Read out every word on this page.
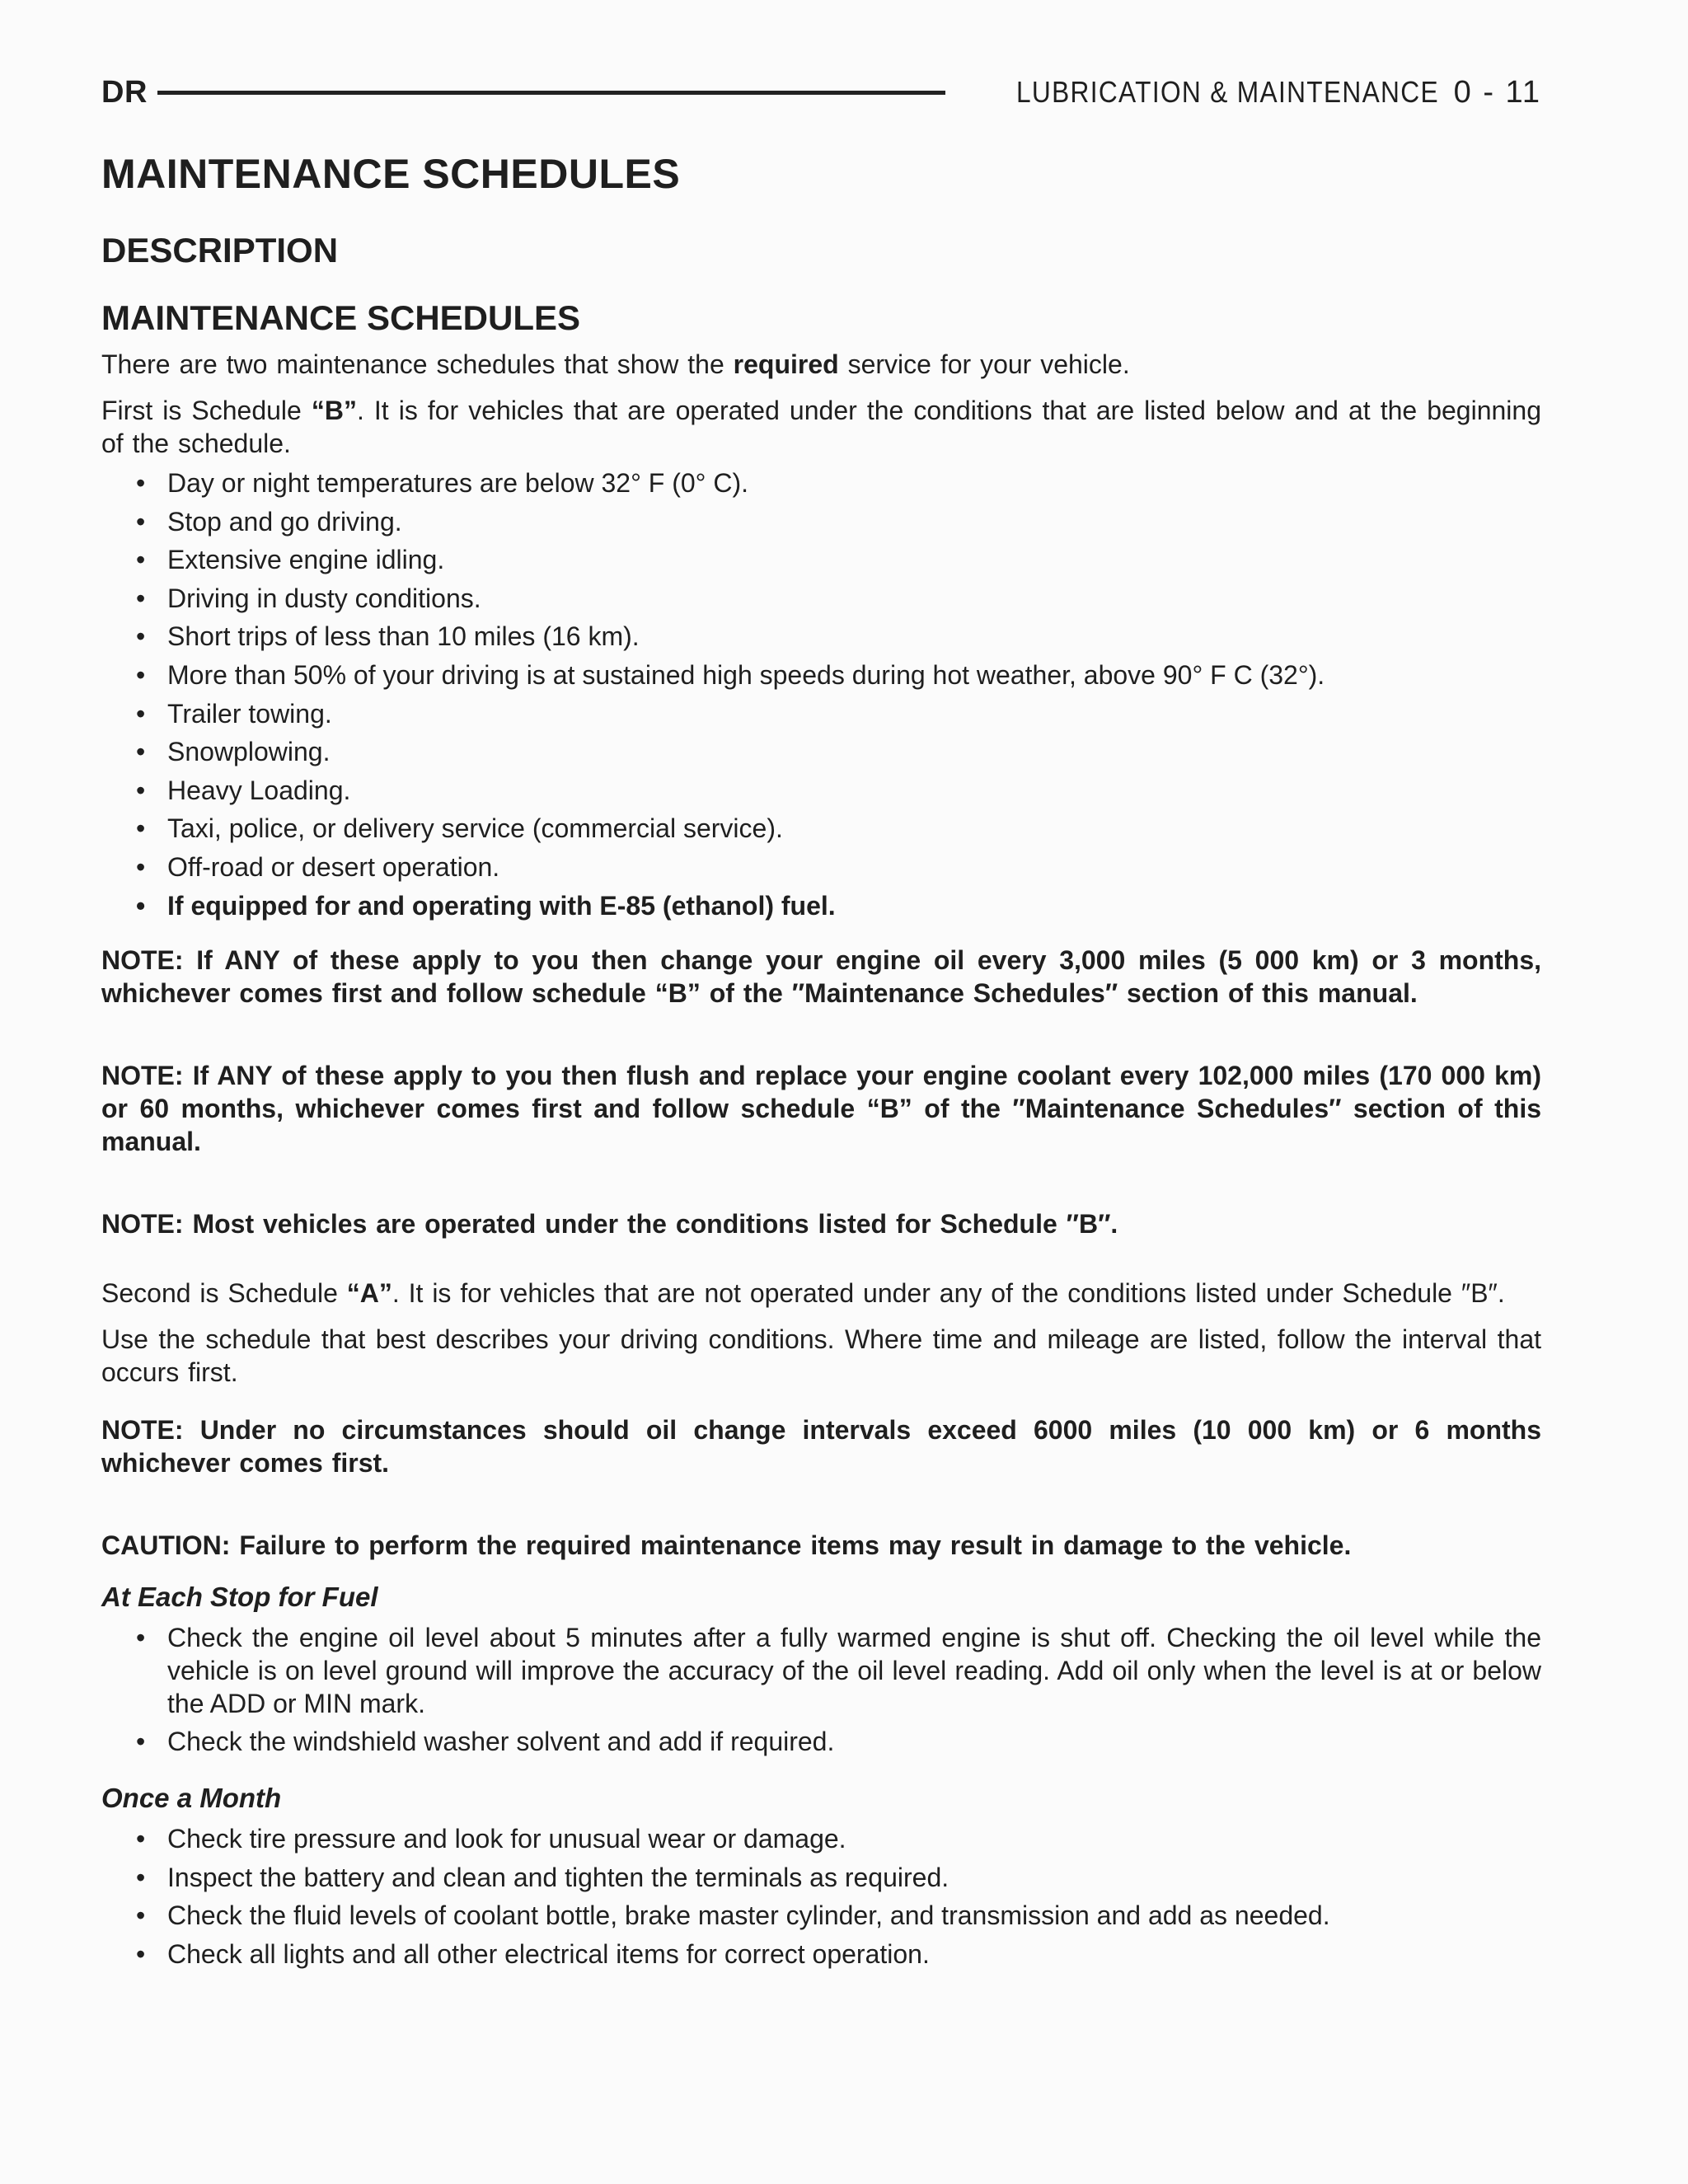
DR	LUBRICATION & MAINTENANCE 0 - 11
MAINTENANCE SCHEDULES
DESCRIPTION
MAINTENANCE SCHEDULES

There are two maintenance schedules that show the required service for your vehicle.

First is Schedule “B”. It is for vehicles that are operated under the conditions that are listed below and at the beginning of the schedule.

• Day or night temperatures are below 32° F (0° C).
• Stop and go driving.
• Extensive engine idling.
• Driving in dusty conditions.
• Short trips of less than 10 miles (16 km).
• More than 50% of your driving is at sustained high speeds during hot weather, above 90° F C (32°).
• Trailer towing.
• Snowplowing.
• Heavy Loading.
• Taxi, police, or delivery service (commercial service).
• Off-road or desert operation.
• If equipped for and operating with E-85 (ethanol) fuel.

NOTE: If ANY of these apply to you then change your engine oil every 3,000 miles (5 000 km) or 3 months, whichever comes first and follow schedule “B” of the ″Maintenance Schedules″ section of this manual.

NOTE: If ANY of these apply to you then flush and replace your engine coolant every 102,000 miles (170 000 km) or 60 months, whichever comes first and follow schedule “B” of the ″Maintenance Schedules″ section of this manual.

NOTE: Most vehicles are operated under the conditions listed for Schedule ″B″.

Second is Schedule “A”. It is for vehicles that are not operated under any of the conditions listed under Schedule ″B″.

Use the schedule that best describes your driving conditions. Where time and mileage are listed, follow the interval that occurs first.

NOTE: Under no circumstances should oil change intervals exceed 6000 miles (10 000 km) or 6 months whichever comes first.

CAUTION: Failure to perform the required maintenance items may result in damage to the vehicle.

At Each Stop for Fuel
• Check the engine oil level about 5 minutes after a fully warmed engine is shut off. Checking the oil level while the vehicle is on level ground will improve the accuracy of the oil level reading. Add oil only when the level is at or below the ADD or MIN mark.
• Check the windshield washer solvent and add if required.
Once a Month
• Check tire pressure and look for unusual wear or damage.
• Inspect the battery and clean and tighten the terminals as required.
• Check the fluid levels of coolant bottle, brake master cylinder, and transmission and add as needed.
• Check all lights and all other electrical items for correct operation.
